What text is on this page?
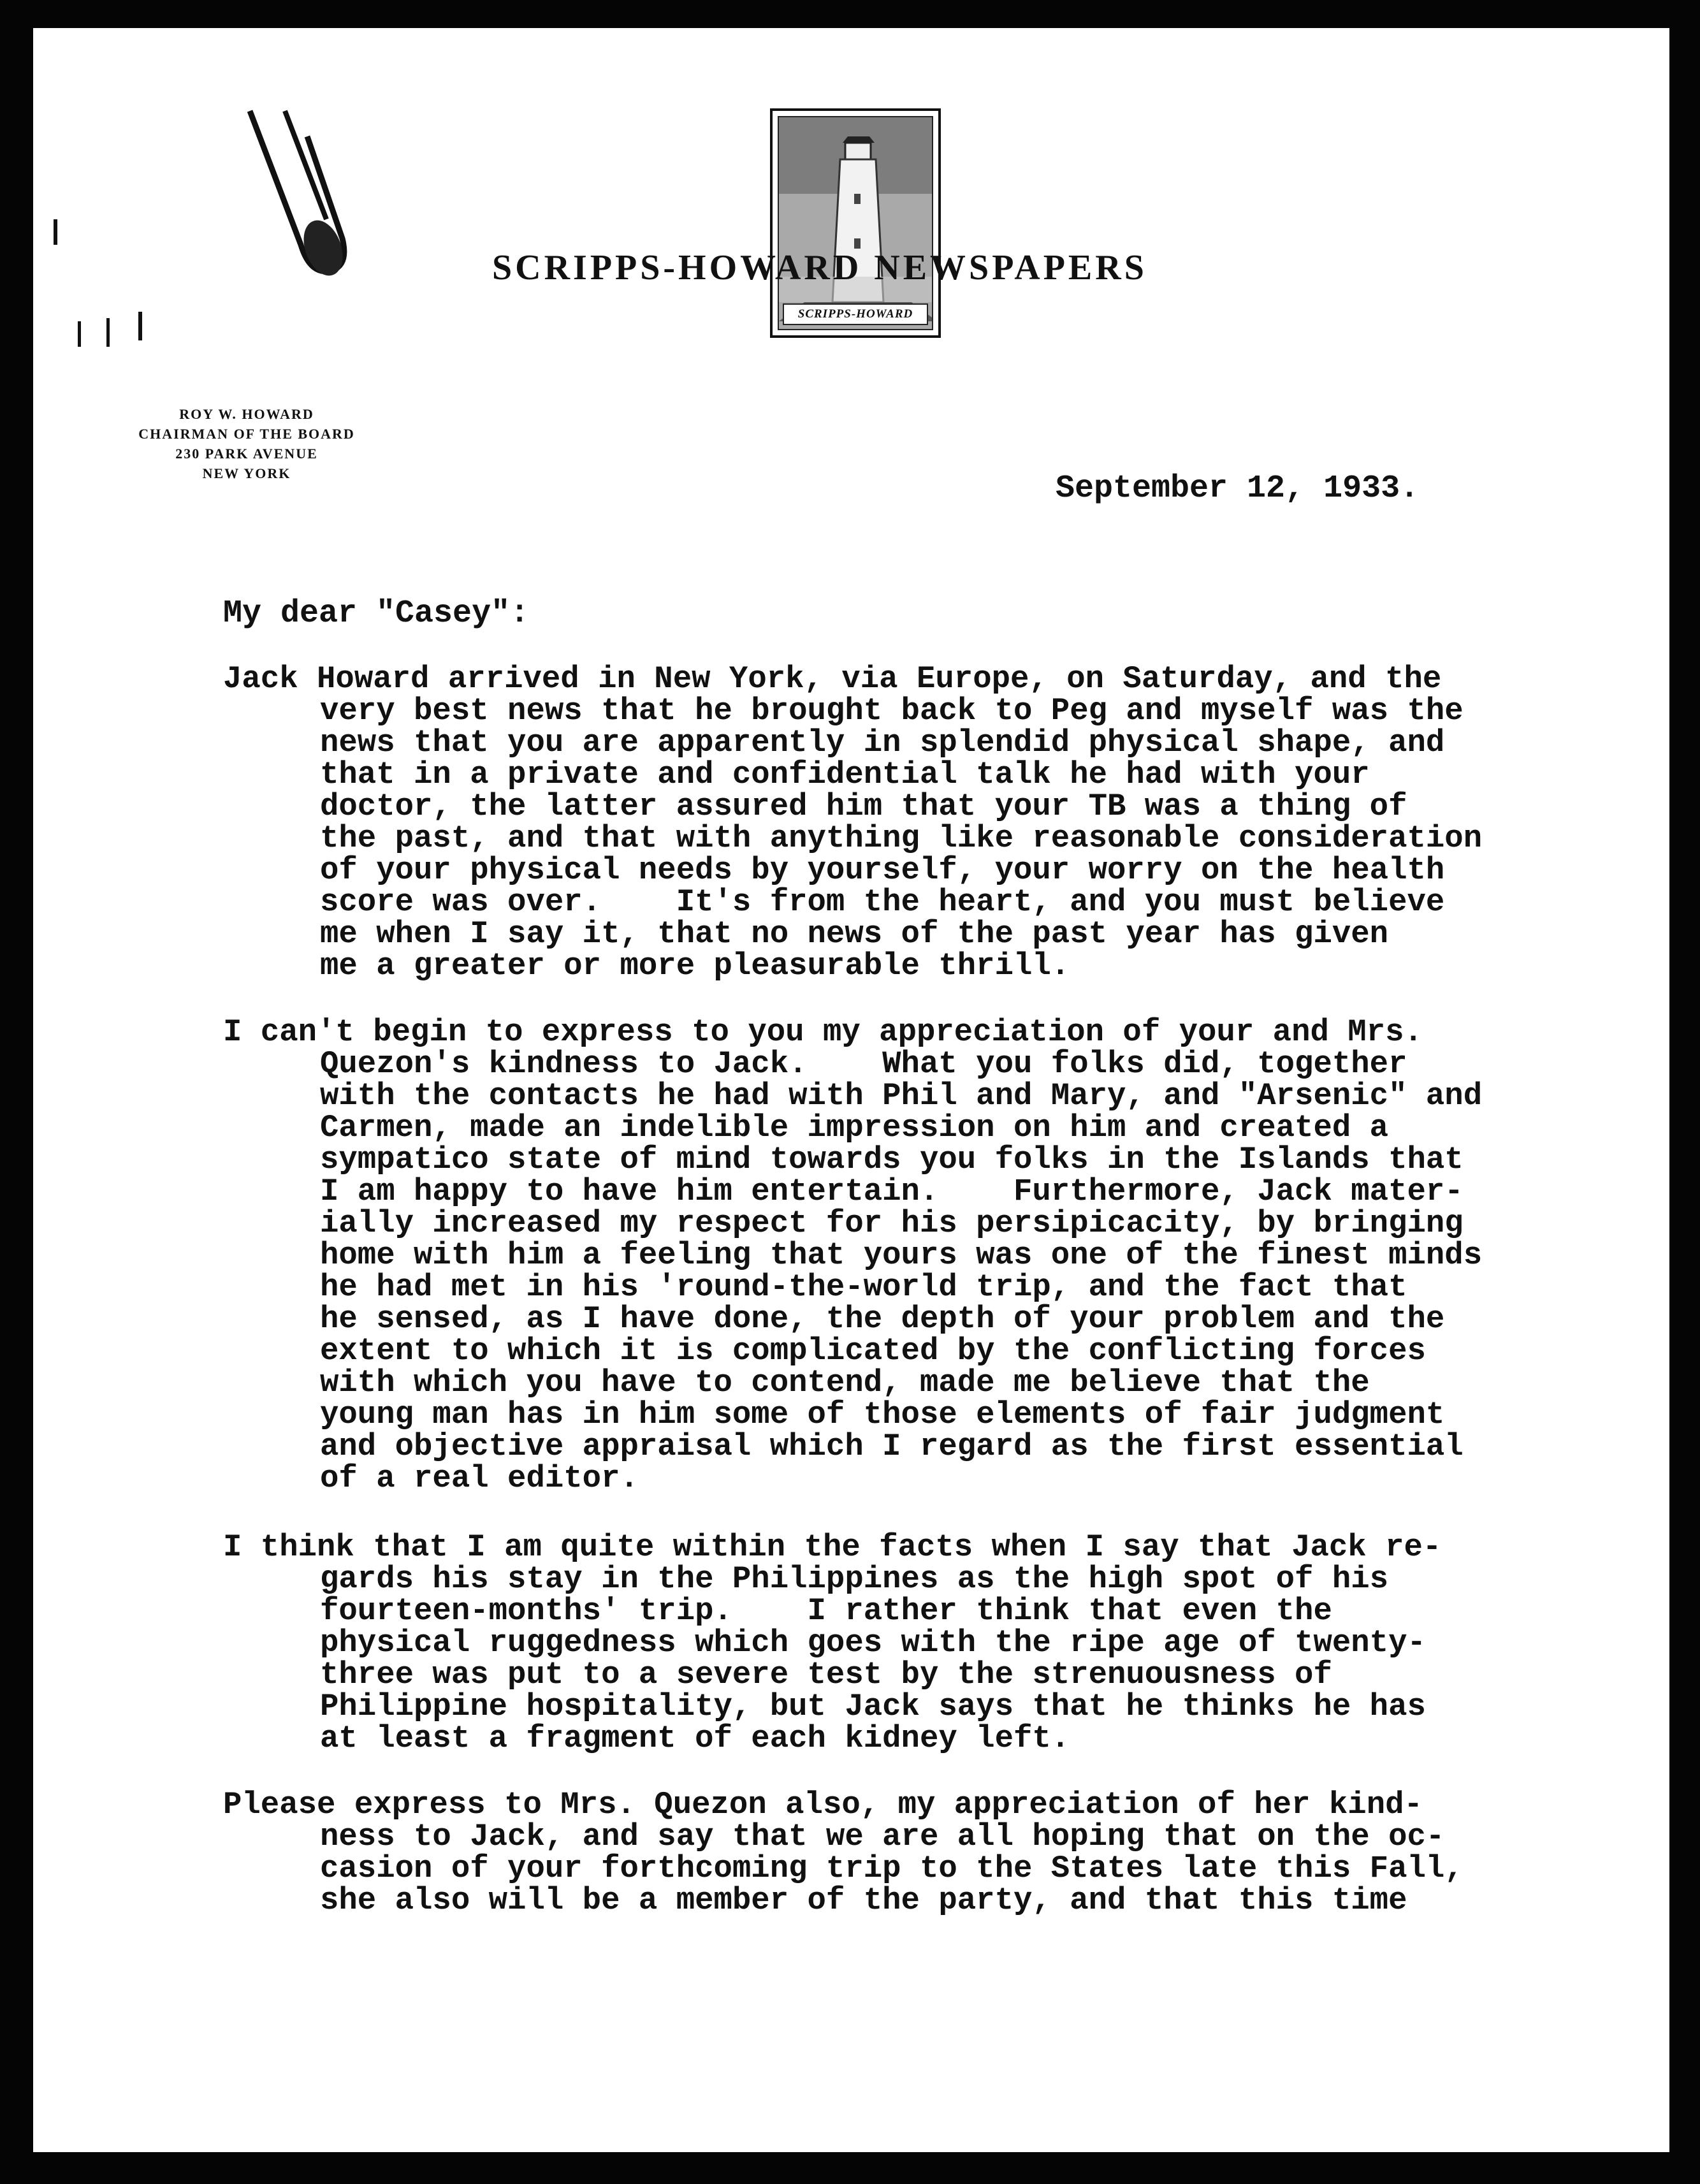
SCRIPPS-HOWARD
SCRIPPS-HOWARD NEWSPAPERS
ROY W. HOWARD
CHAIRMAN OF THE BOARD
230 PARK AVENUE
NEW YORK	September 12, 1933.
My dear "Casey":
Jack Howard arrived in New York, via Europe, on Saturday, and the
very best news that he brought back to Peg and myself was the
news that you are apparently in splendid physical shape, and
that in a private and confidential talk he had with your
doctor, the latter assured him that your TB was a thing of
the past, and that with anything like reasonable consideration
of your physical needs by yourself, your worry on the health
score was over.    It's from the heart, and you must believe
me when I say it, that no news of the past year has given
me a greater or more pleasurable thrill.
I can't begin to express to you my appreciation of your and Mrs.
Quezon's kindness to Jack.    What you folks did, together
with the contacts he had with Phil and Mary, and "Arsenic" and
Carmen, made an indelible impression on him and created a
sympatico state of mind towards you folks in the Islands that
I am happy to have him entertain.    Furthermore, Jack mater-
ially increased my respect for his persipicacity, by bringing
home with him a feeling that yours was one of the finest minds
he had met in his 'round-the-world trip, and the fact that
he sensed, as I have done, the depth of your problem and the
extent to which it is complicated by the conflicting forces
with which you have to contend, made me believe that the
young man has in him some of those elements of fair judgment
and objective appraisal which I regard as the first essential
of a real editor.
I think that I am quite within the facts when I say that Jack re-
gards his stay in the Philippines as the high spot of his
fourteen-months' trip.    I rather think that even the
physical ruggedness which goes with the ripe age of twenty-
three was put to a severe test by the strenuousness of
Philippine hospitality, but Jack says that he thinks he has
at least a fragment of each kidney left.
Please express to Mrs. Quezon also, my appreciation of her kind-
ness to Jack, and say that we are all hoping that on the oc-
casion of your forthcoming trip to the States late this Fall,
she also will be a member of the party, and that this time
